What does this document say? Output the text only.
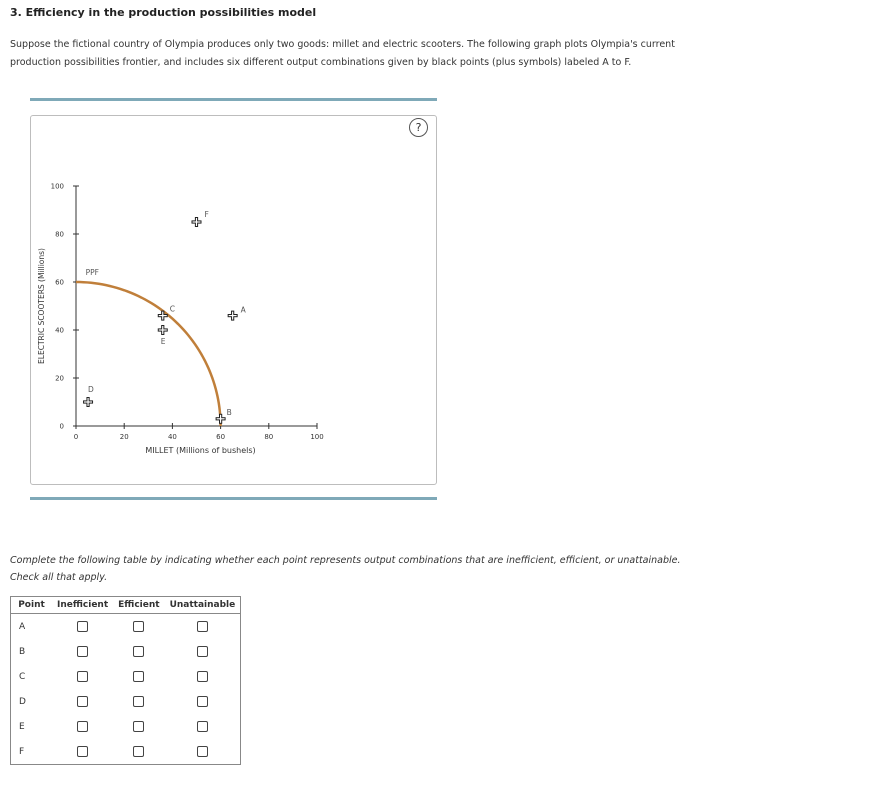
3. Efficiency in the production possibilities model
Suppose the fictional country of Olympia produces only two goods: millet and electric scooters. The following graph plots Olympia's current production possibilities frontier, and includes six different output combinations given by black points (plus symbols) labeled A to F.
0	20	40	60	80	100
0
20
40
60
80
100
MILLET (Millions of bushels)
ELECTRIC SCOOTERS (Millions)	PPF
A
B
C
D
E
F
?
Complete the following table by indicating whether each point represents output combinations that are inefficient, efficient, or unattainable. Check all that apply.
Point	Inefficient	Efficient	Unattainable
A			
B			
C			
D			
E			
F			
